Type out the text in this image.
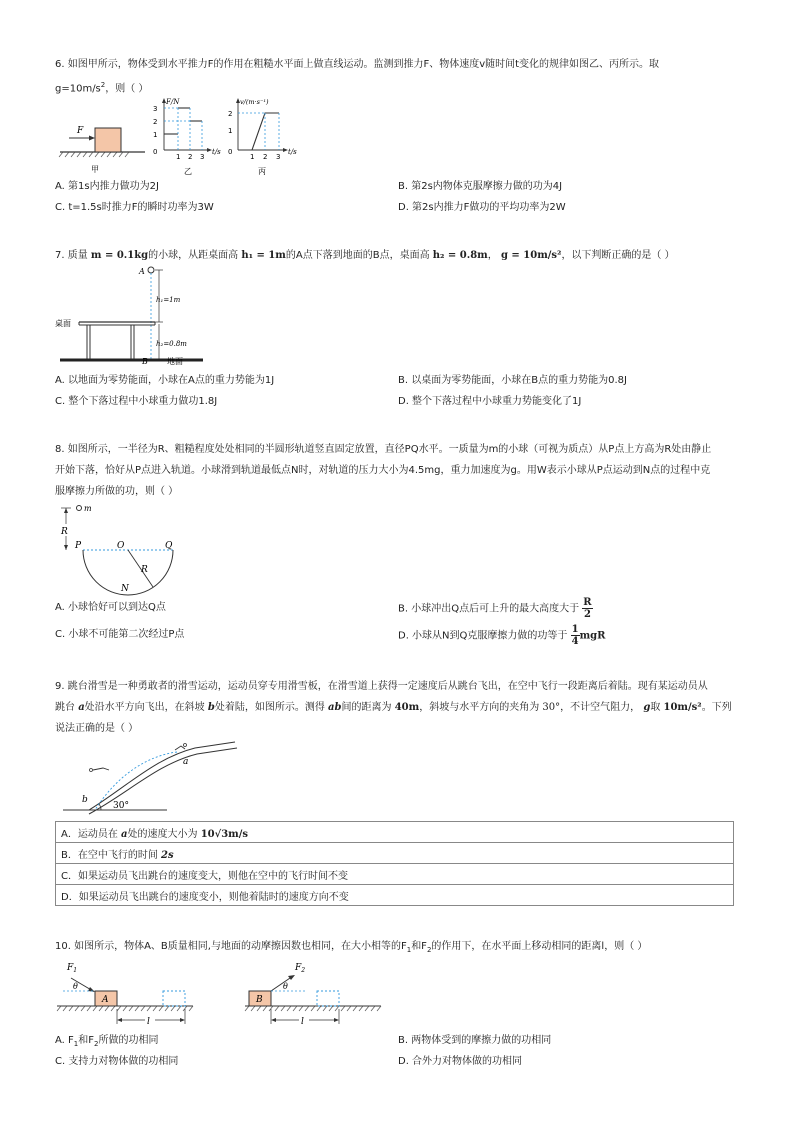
6. 如图甲所示，物体受到水平推力F的作用在粗糙水平面上做直线运动。监测到推力F、物体速度v随时间t变化的规律如图乙、丙所示。取
$g=10m/s^2$，则（ ）
F
甲
F/N
t/s
3
2
1
0
1 2 3
乙
v/(m·s⁻¹)
t/s
2
1
0
1 2 3
丙
A. 第1s内推力做功为2J	B. 第2s内物体克服摩擦力做的功为4J
C. t=1.5s时推力F的瞬时功率为3W	D. 第2s内推力F做功的平均功率为2W
7. 质量 m = 0.1kg的小球，从距桌面高 h₁ = 1m的A点下落到地面的B点，桌面高 h₂ = 0.8m， g = 10m/s²，以下判断正确的是（ ）
A
h₁=1m
h₂=0.8m
桌面
B 地面
A. 以地面为零势能面，小球在A点的重力势能为1J	B. 以桌面为零势能面，小球在B点的重力势能为0.8J
C. 整个下落过程中小球重力做功1.8J	D. 整个下落过程中小球重力势能变化了1J
8. 如图所示，一半径为R、粗糙程度处处相同的半圆形轨道竖直固定放置，直径PQ水平。一质量为m的小球（可视为质点）从P点上方高为R处由静止
开始下落，恰好从P点进入轨道。小球滑到轨道最低点N时，对轨道的压力大小为4.5mg，重力加速度为g。用W表示小球从P点运动到N点的过程中克
服摩擦力所做的功，则（ ）
m
R
P	O	Q
R
N
A. 小球恰好可以到达Q点	B. 小球冲出Q点后可上升的最大高度大于 $\frac{R}{2}$
C. 小球不可能第二次经过P点	D. 小球从N到Q克服摩擦力做的功等于 $\frac{1}{4}$ mgR
9. 跳台滑雪是一种勇敢者的滑雪运动，运动员穿专用滑雪板，在滑雪道上获得一定速度后从跳台飞出，在空中飞行一段距离后着陆。现有某运动员从
跳台 a处沿水平方向飞出，在斜坡 b处着陆，如图所示。测得 ab间的距离为 40m，斜坡与水平方向的夹角为 30°，不计空气阻力， g取 10m/s²。下列
说法正确的是（ ）
a
b
30°
A．运动员在 a处的速度大小为 10√3m/s
B．在空中飞行的时间 2s
C．如果运动员飞出跳台的速度变大，则他在空中的飞行时间不变
D．如果运动员飞出跳台的速度变小，则他着陆时的速度方向不变
10. 如图所示，物体A、B质量相同,与地面的动摩擦因数也相同，在大小相等的$F_1$和$F_2$的作用下，在水平面上移动相同的距离l，则（ ）
A
$F_1$
θ
l
B
$F_2$
θ
l
A. $F_1$和$F_2$所做的功相同	B. 两物体受到的摩擦力做的功相同
C. 支持力对物体做的功相同	D. 合外力对物体做的功相同
